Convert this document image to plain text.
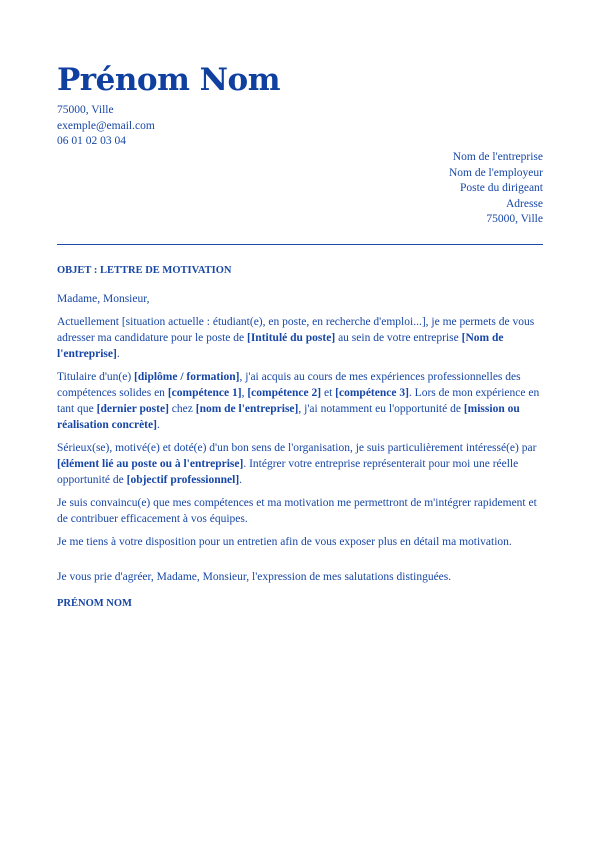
Prénom Nom
75000, Ville
exemple@email.com
06 01 02 03 04
Nom de l'entreprise
Nom de l'employeur
Poste du dirigeant
Adresse
75000, Ville
OBJET : LETTRE DE MOTIVATION

Madame, Monsieur,

Actuellement [situation actuelle : étudiant(e), en poste, en recherche d'emploi...], je me permets de vous adresser ma candidature pour le poste de [Intitulé du poste] au sein de votre entreprise [Nom de l'entreprise].

Titulaire d'un(e) [diplôme / formation], j'ai acquis au cours de mes expériences professionnelles des compétences solides en [compétence 1], [compétence 2] et [compétence 3]. Lors de mon expérience en tant que [dernier poste] chez [nom de l'entreprise], j'ai notamment eu l'opportunité de [mission ou réalisation concrète].

Sérieux(se), motivé(e) et doté(e) d'un bon sens de l'organisation, je suis particulièrement intéressé(e) par [élément lié au poste ou à l'entreprise]. Intégrer votre entreprise représenterait pour moi une réelle opportunité de [objectif professionnel].

Je suis convaincu(e) que mes compétences et ma motivation me permettront de m'intégrer rapidement et de contribuer efficacement à vos équipes.

Je me tiens à votre disposition pour un entretien afin de vous exposer plus en détail ma motivation.

Je vous prie d'agréer, Madame, Monsieur, l'expression de mes salutations distinguées.
PRÉNOM NOM
